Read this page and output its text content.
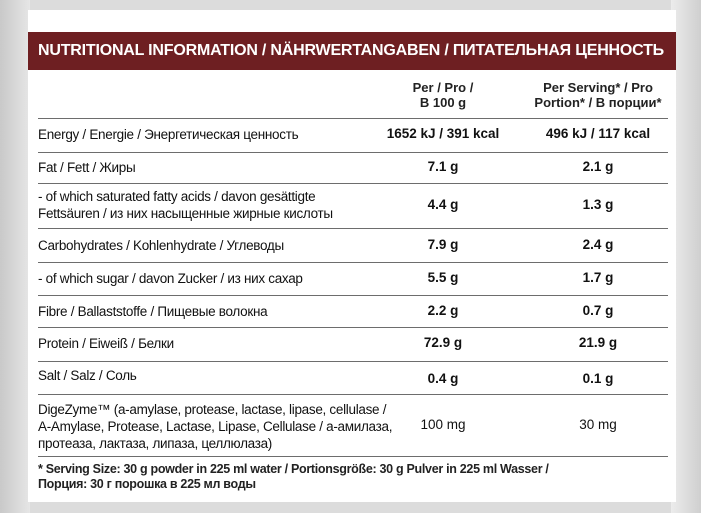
NUTRITIONAL INFORMATION / NÄHRWERTANGABEN / ПИТАТЕЛЬНАЯ ЦЕННОСТЬ
Per / Pro /
В 100 g
Per Serving* / Pro
Portion* / В порции*
Energy / Energie / Энергетическая ценность	1652 kJ / 391 kcal	496 kJ / 117 kcal
Fat / Fett / Жиры	7.1 g	2.1 g
- of which saturated fatty acids / davon gesättigte
Fettsäuren / из них насыщенные жирные кислоты
4.4 g	1.3 g
Carbohydrates / Kohlenhydrate / Углеводы	7.9 g	2.4 g
- of which sugar / davon Zucker / из них сахар	5.5 g	1.7 g
Fibre / Ballaststoffe / Пищевые волокна	2.2 g	0.7 g
Protein / Eiweiß / Белки	72.9 g	21.9 g
Salt / Salz / Соль	0.4 g	0.1 g
DigeZyme™ (a-amylase, protease, lactase, lipase, cellulase /
A-Amylase, Protease, Lactase, Lipase, Cellulase / а-амилаза,
протеаза, лактаза, липаза, целлюлаза)
100 mg	30 mg
* Serving Size: 30 g powder in 225 ml water / Portionsgröße: 30 g Pulver in 225 ml Wasser /
Порция: 30 г порошка в 225 мл воды
